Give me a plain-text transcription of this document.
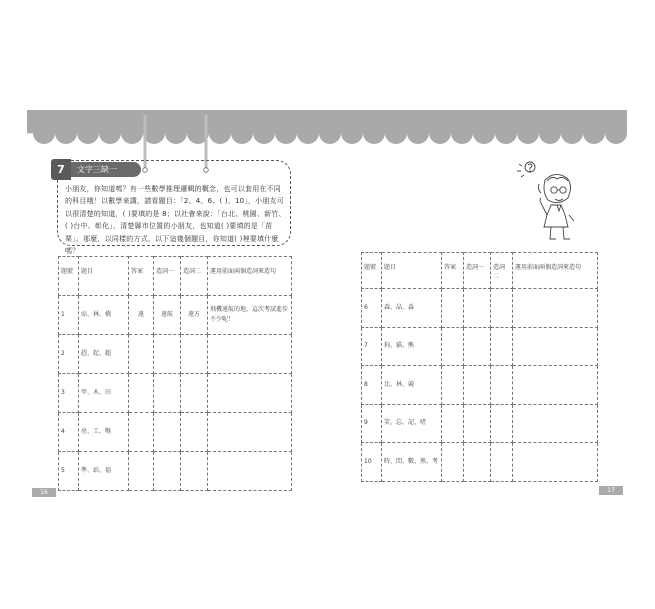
7	文字三缺一
小朋友，你知道嗎？有一些數學推理邏輯的概念，也可以套用在不同的科目哦！以數學來講，請看題目：「2、4、6、( )、10」，小朋友可以很清楚的知道，( )要填的是 8；以社會來說：「台北、桃園、新竹、( )台中、彰化」，清楚縣市位置的小朋友，也知道( )要填的是「苗栗」。那麼，以同樣的方式，以下這幾個題目，你知道( )裡要填什麼嗎？
題號	題目	答案	造詞一	造詞二	運用前面兩個造詞來造句
1	涼、林、橋	遠	遠航	遠方	飛機遠航的地，這次考試進步不少呢！
2	趕、起、超				
3	甲、木、田				
4	亮、工、喉				
5	準、站、福				
題號	題目	答案	造詞一	造詞二	運用前面兩個造詞來造句
6	森、晶、淼				
7	狗、貓、熊				
8	比、林、競				
9	笑、忘、記、嗜				
10	時、問、數、熟、考				
16	17
